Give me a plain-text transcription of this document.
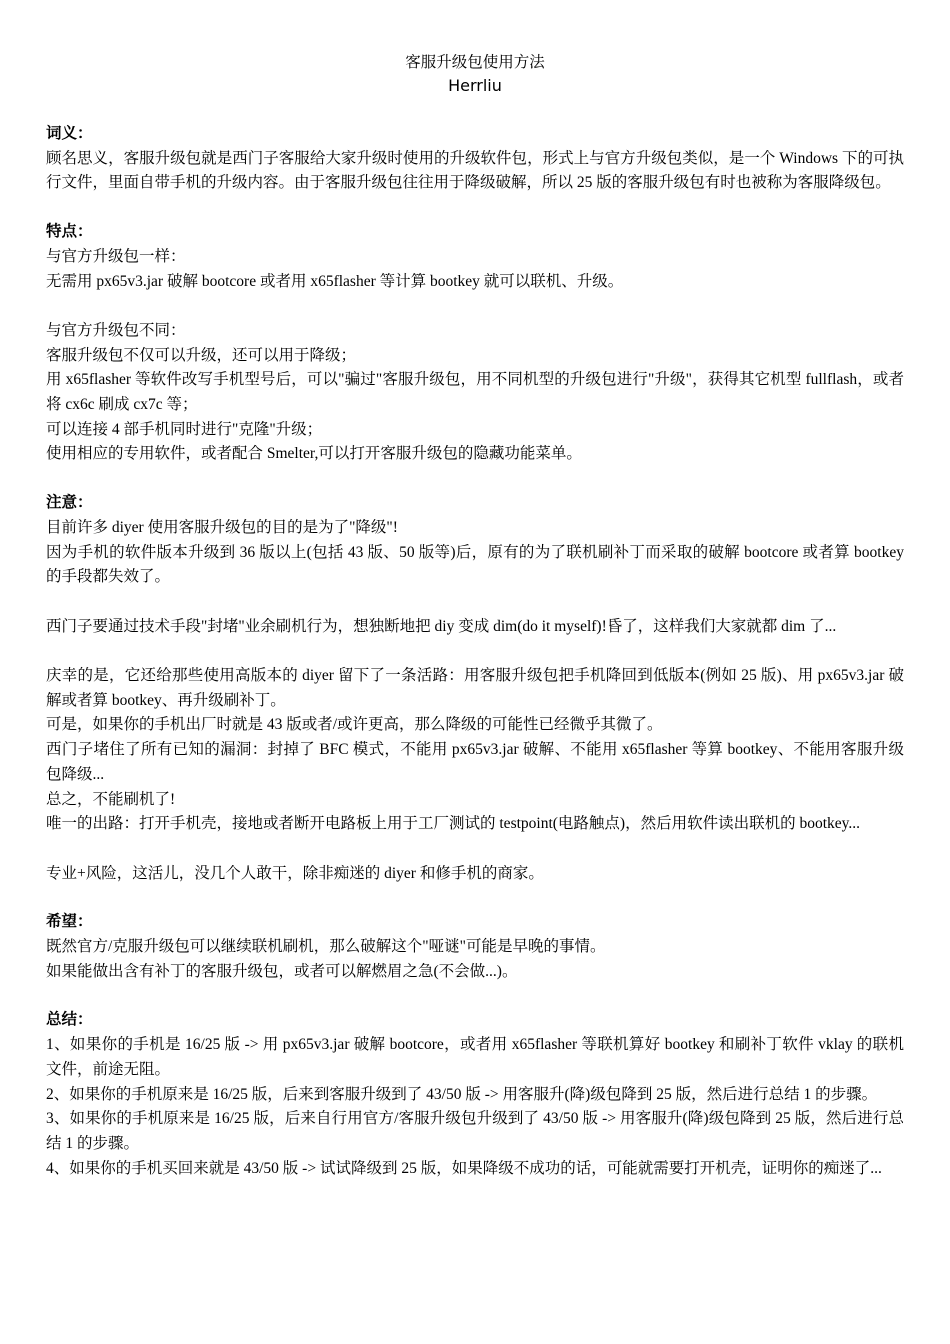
客服升级包使用方法
Herrliu
词义：
顾名思义，客服升级包就是西门子客服给大家升级时使用的升级软件包，形式上与官方升级包类似，是一个 Windows 下的可执行文件，里面自带手机的升级内容。由于客服升级包往往用于降级破解，所以 25 版的客服升级包有时也被称为客服降级包。
特点：
与官方升级包一样：
无需用 px65v3.jar 破解 bootcore 或者用 x65flasher 等计算 bootkey 就可以联机、升级。
与官方升级包不同：
客服升级包不仅可以升级，还可以用于降级；
用 x65flasher 等软件改写手机型号后，可以"骗过"客服升级包，用不同机型的升级包进行"升级"，获得其它机型 fullflash，或者将 cx6c 刷成 cx7c 等；
可以连接 4 部手机同时进行"克隆"升级；
使用相应的专用软件，或者配合 Smelter,可以打开客服升级包的隐藏功能菜单。
注意：
目前许多 diyer 使用客服升级包的目的是为了"降级"!
因为手机的软件版本升级到 36 版以上(包括 43 版、50 版等)后，原有的为了联机刷补丁而采取的破解 bootcore 或者算 bootkey 的手段都失效了。
西门子要通过技术手段"封堵"业余刷机行为，想独断地把 diy 变成 dim(do it myself)!昏了，这样我们大家就都 dim 了...
庆幸的是，它还给那些使用高版本的 diyer 留下了一条活路：用客服升级包把手机降回到低版本(例如 25 版)、用 px65v3.jar 破解或者算 bootkey、再升级刷补丁。
可是，如果你的手机出厂时就是 43 版或者/或许更高，那么降级的可能性已经微乎其微了。
西门子堵住了所有已知的漏洞：封掉了 BFC 模式，不能用 px65v3.jar 破解、不能用 x65flasher 等算 bootkey、不能用客服升级包降级...
总之，不能刷机了!
唯一的出路：打开手机壳，接地或者断开电路板上用于工厂测试的 testpoint(电路触点)，然后用软件读出联机的 bootkey...
专业+风险，这活儿，没几个人敢干，除非痴迷的 diyer 和修手机的商家。
希望：
既然官方/克服升级包可以继续联机刷机，那么破解这个"哑谜"可能是早晚的事情。
如果能做出含有补丁的客服升级包，或者可以解燃眉之急(不会做...)。
总结：
1、如果你的手机是 16/25 版 -> 用 px65v3.jar 破解 bootcore，或者用 x65flasher 等联机算好 bootkey 和刷补丁软件 vklay 的联机文件，前途无阻。
2、如果你的手机原来是 16/25 版，后来到客服升级到了 43/50 版 -> 用客服升(降)级包降到 25 版，然后进行总结 1 的步骤。
3、如果你的手机原来是 16/25 版，后来自行用官方/客服升级包升级到了 43/50 版 -> 用客服升(降)级包降到 25 版，然后进行总结 1 的步骤。
4、如果你的手机买回来就是 43/50 版 -> 试试降级到 25 版，如果降级不成功的话，可能就需要打开机壳，证明你的痴迷了...
